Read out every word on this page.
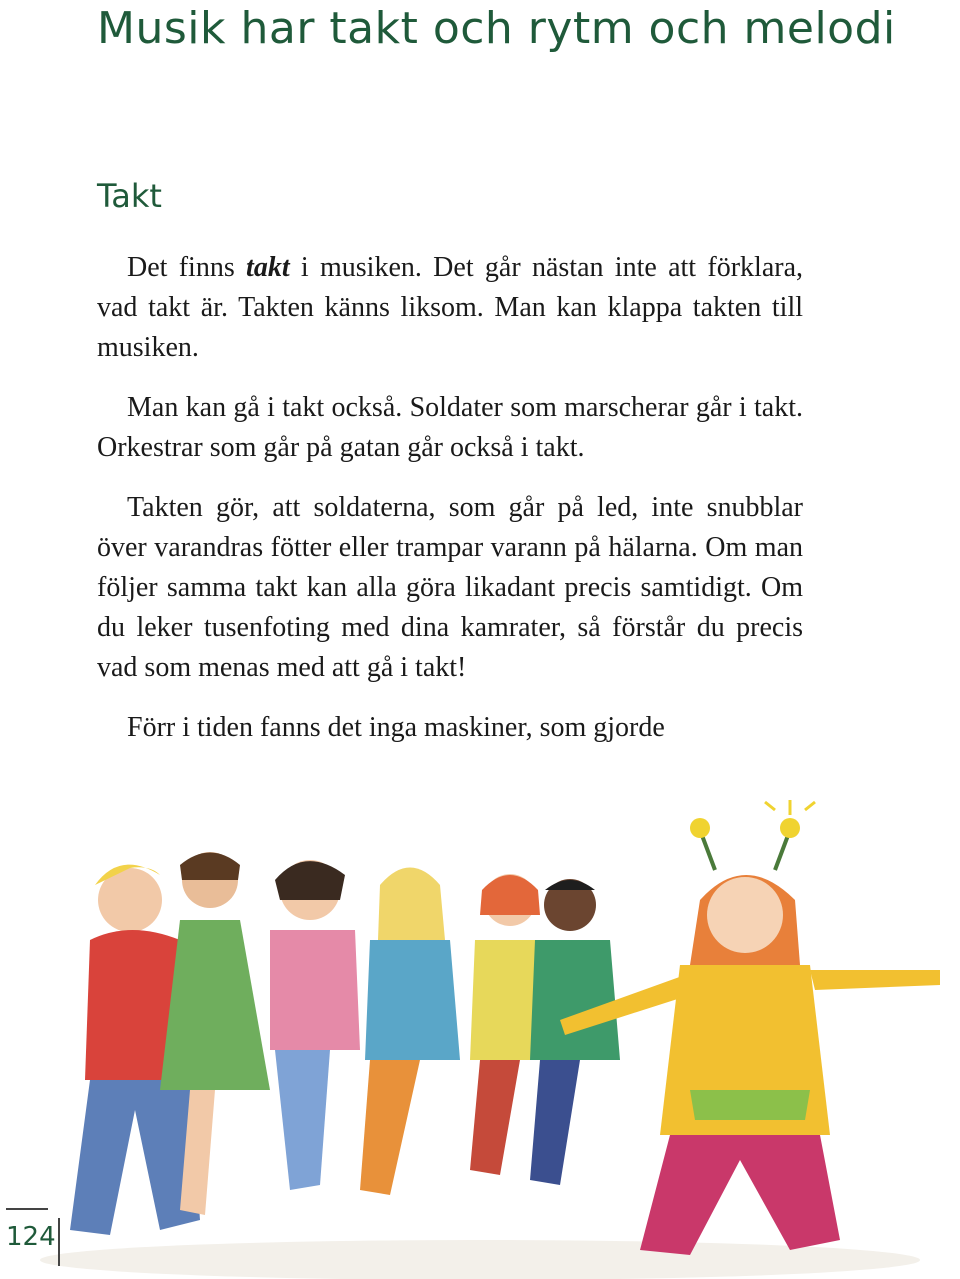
Musik har takt och rytm och melodi
Takt

Det finns takt i musiken. Det går nästan inte att förklara, vad takt är. Takten känns liksom. Man kan klappa takten till musiken.

Man kan gå i takt också. Soldater som marscherar går i takt. Orkestrar som går på gatan går också i takt.

Takten gör, att soldaterna, som går på led, inte snubblar över varandras fötter eller trampar varann på hälarna. Om man följer samma takt kan alla göra likadant precis samtidigt. Om du leker tusenfoting med dina kamrater, så förstår du precis vad som menas med att gå i takt!

Förr i tiden fanns det inga maskiner, som gjorde

124
